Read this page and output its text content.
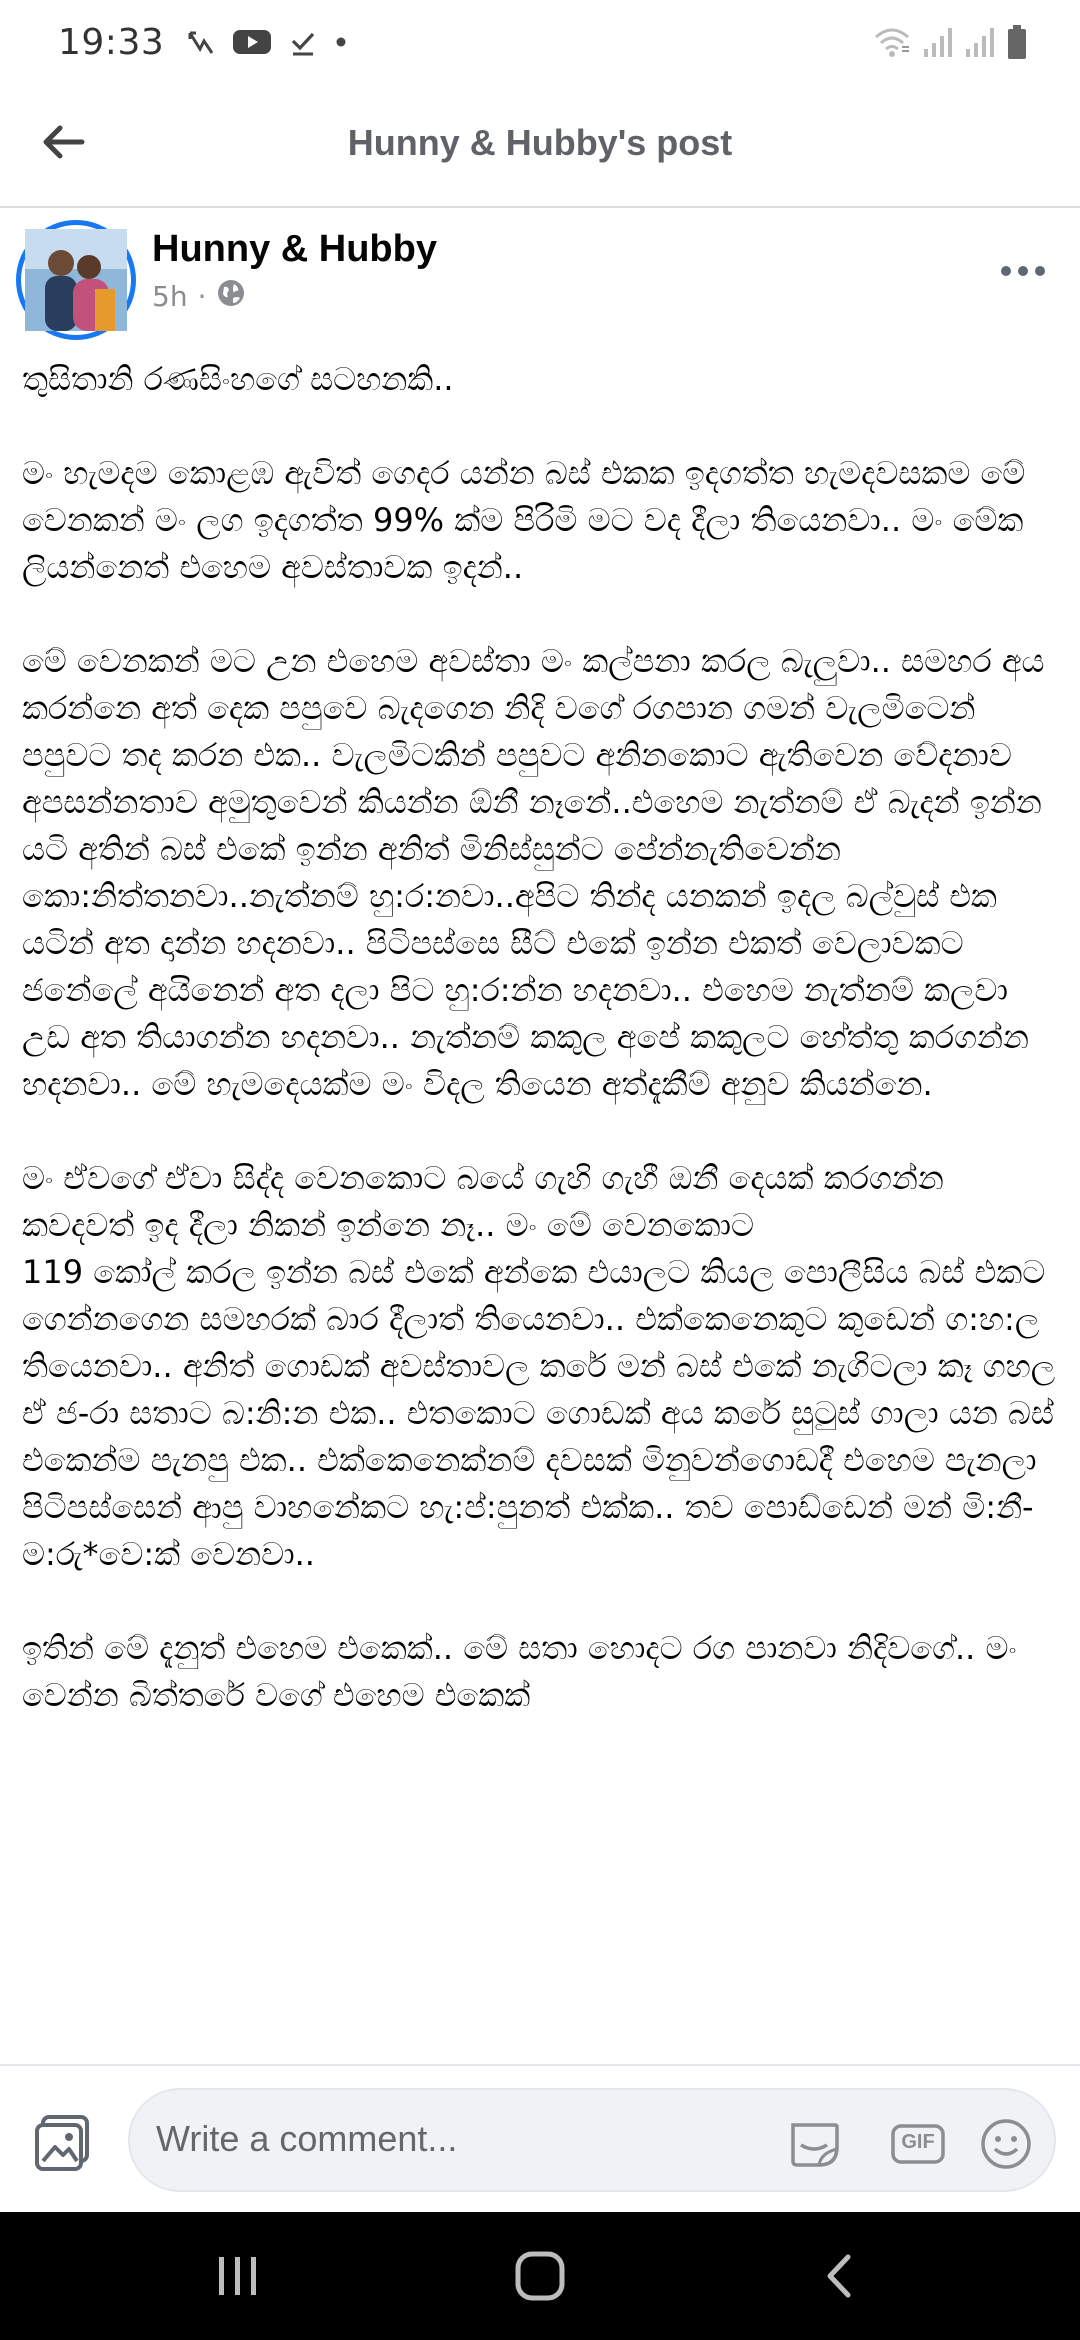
19:33
Hunny & Hubby's post
Hunny & Hubby
5h ·

තුසිතානි රණසිංහගේ සටහනකි..

මං හැමදම කොළඹ ඇවිත් ගෙදර යන්න බස් එකක ඉදගත්ත හැමදවසකම මේ වෙනකන් මං ලග ඉදගත්ත 99% ක්ම පිරිමි මට වද දීලා තියෙනවා.. මං මේක ලියන්නෙත් එහෙම අවස්තාවක ඉදන්..

මේ වෙනකන් මට උන එහෙම අවස්තා මං කල්පනා කරල බැලුවා.. සමහර අය කරන්නෙ අත් දෙක පපුවෙ බැදගෙන නිදි වගේ රගපාන ගමන් වැලමිටෙන් පපුවට තද කරන එක.. වැලමිටකින් පපුවට අනිනකොට ඇතිවෙන වේදනාව අපසන්නතාව අමුතුවෙන් කියන්න ඕනී නෑනේ..එහෙම නැත්නම් ඒ බැදන් ඉන්න යටි අතින් බස් එකේ ඉන්න අනිත් මිනිස්සුන්ට පේන්නැතිවෙන්න කො:නිත්තනවා..නැත්නම් හු:ර:නවා..අපිට තින්ද යනකන් ඉදල බල්වුස් එක යටින් අත දාන්න හදනවා.. පිටිපස්සෙ සීට් එකේ ඉන්න එකත් වෙලාවකට ජනේලේ අයිනෙන් අත දලා පිට හු:ර:න්න හදනවා.. එහෙම නැත්නම් කලවා උඩ අත තියාගන්න හදනවා.. නැත්නම් කකුල අපේ කකුලට හේත්තු කරගන්න හදනවා.. මේ හැමදෙයක්ම මං විදල තියෙන අත්දැකීම් අනුව කියන්නෙ.

මං ඒවගේ ඒවා සිද්ද වෙනකොට බයේ ගැහි ගැහී ඔනී දෙයක් කරගන්න කවදවත් ඉද දීලා නිකන් ඉන්නෙ නෑ.. මං මේ වෙනකොට
119 කෝල් කරල ඉන්න බස් එකේ අන්කෙ එයාලට කියල පොලීසිය බස් එකට ගෙන්නගෙන සමහරක් බාර දීලාත් තියෙනවා.. එක්කෙනෙකුට කුඩෙන් ග:හ:ල තියෙනවා.. අනිත් ගොඩක් අවස්තාවල කරේ මන් බස් එකේ නැගිටලා කෑ ගහල ඒ ජ-රා සතාට බ:නි:න එක.. එතකොට ගොඩක් අය කරේ සුටුස් ගාලා යන බස් එකෙන්ම පැනපු එක.. එක්කෙනෙක්නම් දවසක් මිනුවන්ගොඩදී එහෙම පැනලා පිටිපස්සෙන් ආපු වාහනේකට හැ:ප්:පුනත් එක්ක.. තව පොඩ්ඩෙන් මන් මි:නී-ම:රු*වෙ:ක් වෙනවා..

ඉතින් මේ දැනුත් එහෙම එකෙක්.. මේ සතා හොදට රග පානවා නිදිවගේ.. මං වෙන්න බිත්තරේ වගේ එහෙම එකෙක්

Write a comment...	GIF
